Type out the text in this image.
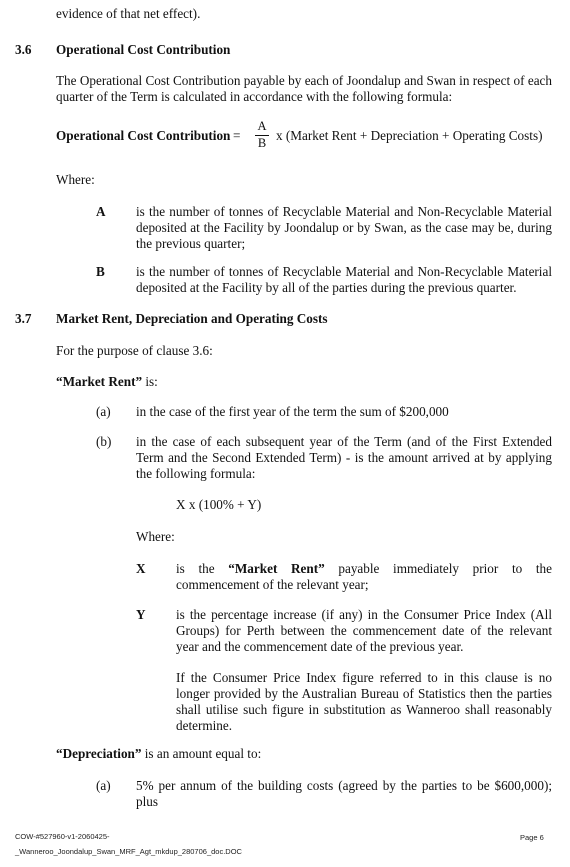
evidence of that net effect).

3.6 Operational Cost Contribution

The Operational Cost Contribution payable by each of Joondalup and Swan in respect of each quarter of the Term is calculated in accordance with the following formula:

Operational Cost Contribution =

A
B x (Market Rent + Depreciation + Operating Costs)

Where:

A is the number of tonnes of Recyclable Material and Non-Recyclable Material deposited at the Facility by Joondalup or by Swan, as the case may be, during the previous quarter;

B is the number of tonnes of Recyclable Material and Non-Recyclable Material deposited at the Facility by all of the parties during the previous quarter.

3.7 Market Rent, Depreciation and Operating Costs

For the purpose of clause 3.6:

“Market Rent” is:

(a) in the case of the first year of the term the sum of $200,000

(b) in the case of each subsequent year of the Term (and of the First Extended Term and the Second Extended Term) - is the amount arrived at by applying the following formula:

X x (100% + Y)

Where:

X is the “Market Rent” payable immediately prior to the commencement of the relevant year;

Y is the percentage increase (if any) in the Consumer Price Index (All Groups) for Perth between the commencement date of the relevant year and the commencement date of the previous year.

If the Consumer Price Index figure referred to in this clause is no longer provided by the Australian Bureau of Statistics then the parties shall utilise such figure in substitution as Wanneroo shall reasonably determine.

“Depreciation” is an amount equal to:

(a) 5% per annum of the building costs (agreed by the parties to be $600,000); plus

COW-#527960-v1-2060425-
_Wanneroo_Joondalup_Swan_MRF_Agt_mkdup_280706_doc.DOC
Page 6
